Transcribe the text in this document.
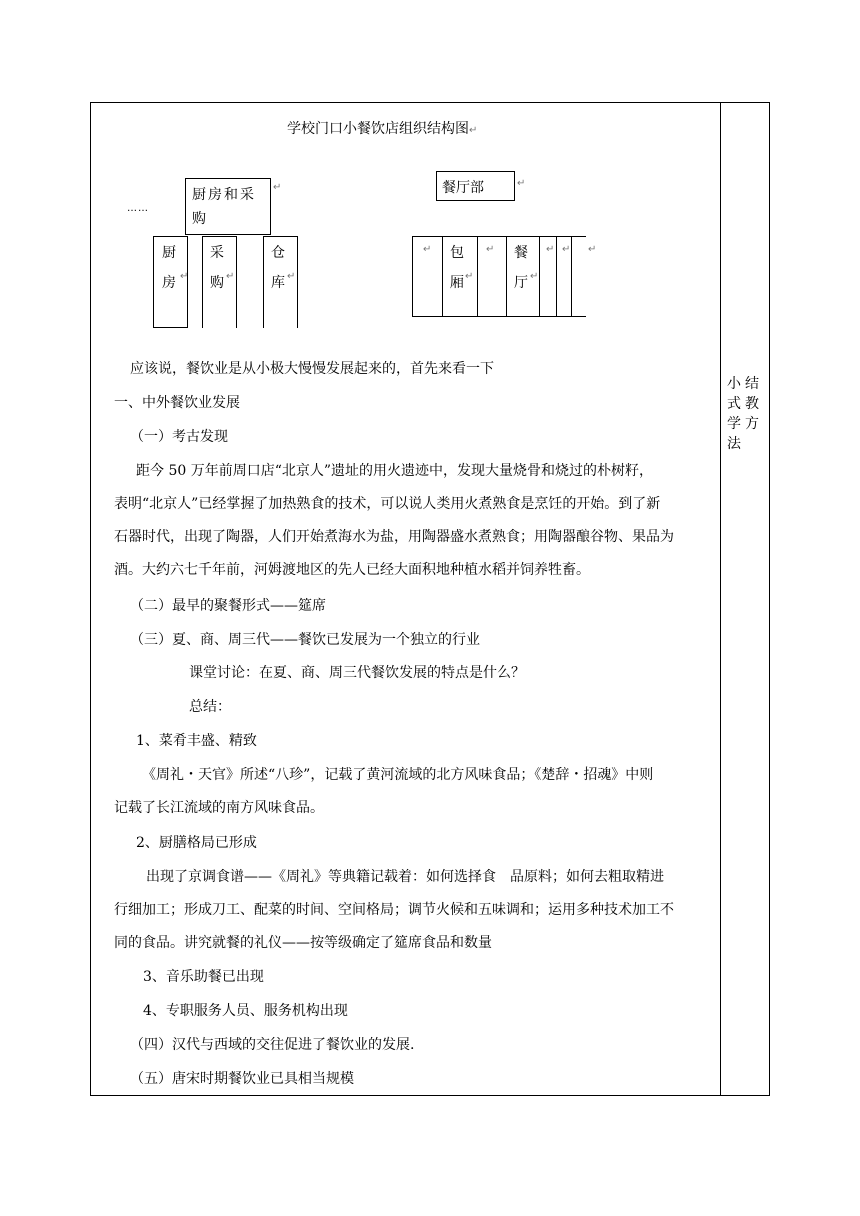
学校门口小餐饮店组织结构图↵
……
厨房和采购
↵
厨房 ↵
采购 ↵
仓库 ↵
餐厅部	↵
↵ 包厢 ↵
↵ 餐厅 ↵
↵ ↵ ↵
应该说，餐饮业是从小极大慢慢发展起来的，首先来看一下
一、中外餐饮业发展
（一）考古发现
距今 50 万年前周口店“北京人”遗址的用火遗迹中，发现大量烧骨和烧过的朴树籽，
表明“北京人”已经掌握了加热熟食的技术，可以说人类用火煮熟食是烹饪的开始。到了新
石器时代，出现了陶器，人们开始煮海水为盐，用陶器盛水煮熟食；用陶器酿谷物、果品为
酒。大约六七千年前，河姆渡地区的先人已经大面积地种植水稻并饲养牲畜。
（二）最早的聚餐形式——筵席
（三）夏、商、周三代——餐饮已发展为一个独立的行业
课堂讨论：在夏、商、周三代餐饮发展的特点是什么？
总结：
1、菜肴丰盛、精致
《周礼・天官》所述“八珍”，记载了黄河流域的北方风味食品；《楚辞・招魂》中则
记载了长江流域的南方风味食品。
2、厨膳格局已形成
出现了京调食谱——《周礼》等典籍记载着：如何选择食　品原料；如何去粗取精进
行细加工；形成刀工、配菜的时间、空间格局；调节火候和五味调和；运用多种技术加工不
同的食品。讲究就餐的礼仪——按等级确定了筵席食品和数量
3、音乐助餐已出现
4、专职服务人员、服务机构出现
（四）汉代与西域的交往促进了餐饮业的发展.
（五）唐宋时期餐饮业已具相当规模
小结式教学方法
